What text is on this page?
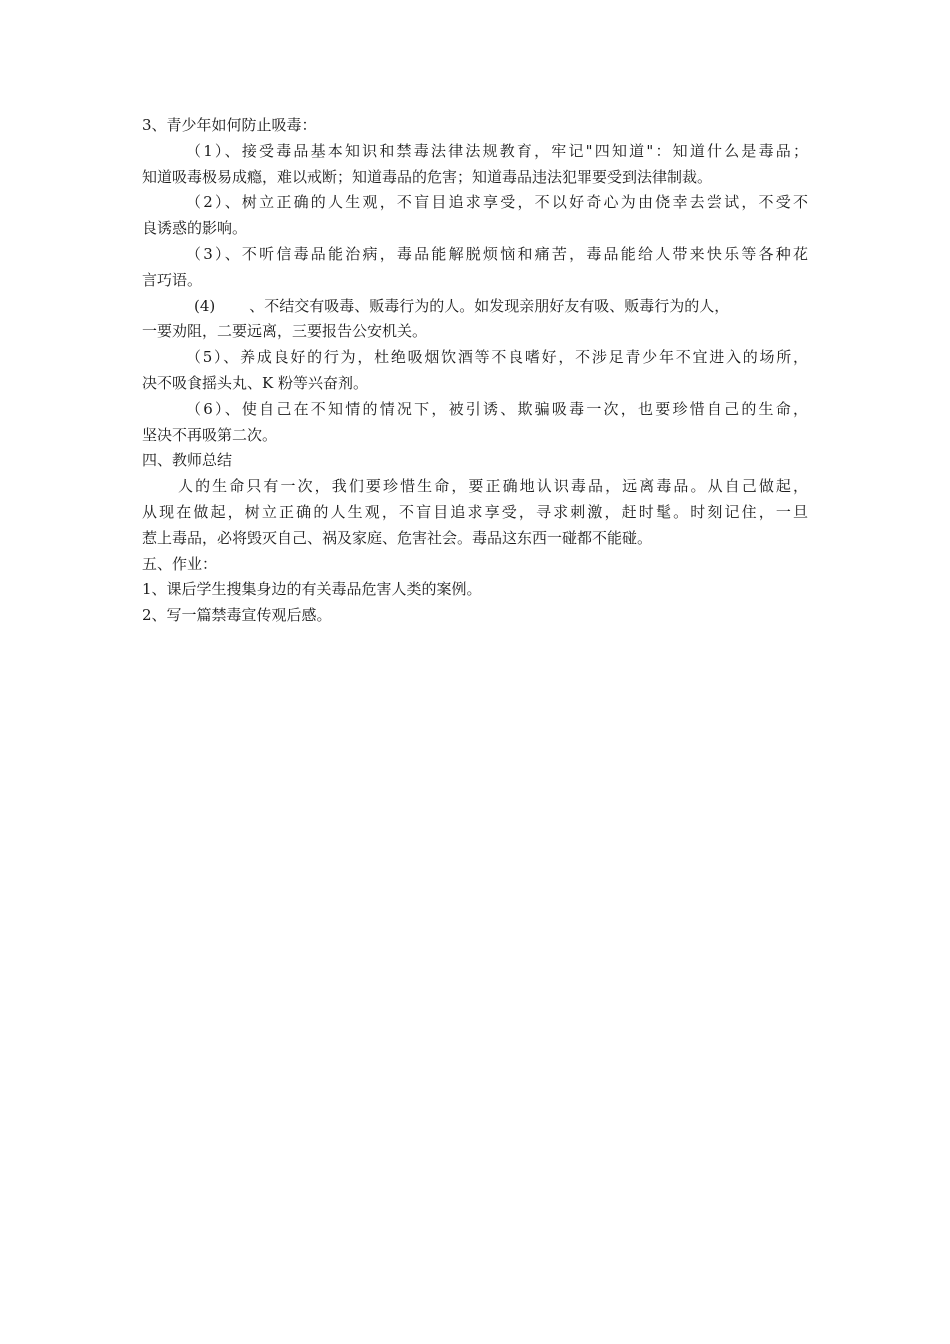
3、青少年如何防止吸毒：
（1）、接受毒品基本知识和禁毒法律法规教育，牢记"四知道"：知道什么是毒品；
知道吸毒极易成瘾，难以戒断；知道毒品的危害；知道毒品违法犯罪要受到法律制裁。
（2）、树立正确的人生观，不盲目追求享受，不以好奇心为由侥幸去尝试，不受不
良诱惑的影响。
（3）、不听信毒品能治病，毒品能解脱烦恼和痛苦，毒品能给人带来快乐等各种花
言巧语。
(4) 、不结交有吸毒、贩毒行为的人。如发现亲朋好友有吸、贩毒行为的人，
一要劝阻，二要远离，三要报告公安机关。
（5）、养成良好的行为，杜绝吸烟饮酒等不良嗜好，不涉足青少年不宜进入的场所，
决不吸食摇头丸、K 粉等兴奋剂。
（6）、使自己在不知情的情况下，被引诱、欺骗吸毒一次，也要珍惜自己的生命，
坚决不再吸第二次。
四、教师总结
人的生命只有一次，我们要珍惜生命，要正确地认识毒品，远离毒品。从自己做起，
从现在做起，树立正确的人生观，不盲目追求享受，寻求刺激，赶时髦。时刻记住，一旦
惹上毒品，必将毁灭自己、祸及家庭、危害社会。毒品这东西一碰都不能碰。
五、作业：
1、课后学生搜集身边的有关毒品危害人类的案例。
2、写一篇禁毒宣传观后感。
